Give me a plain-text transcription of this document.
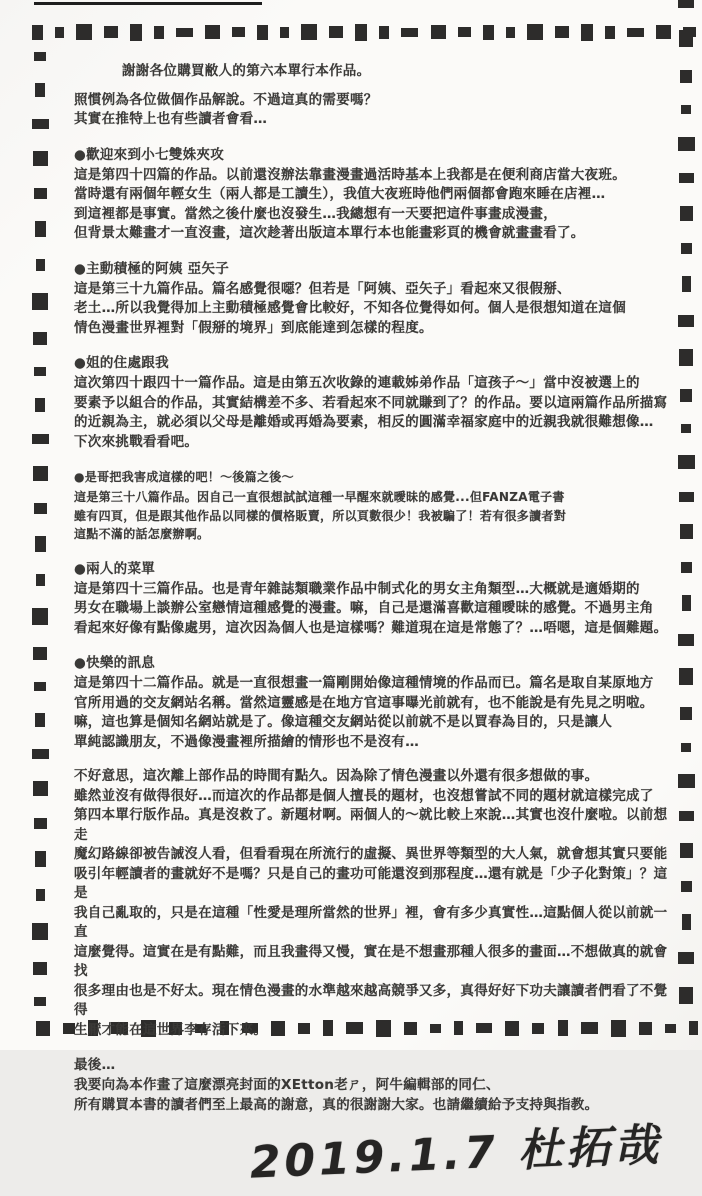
謝謝各位購買敝人的第六本單行本作品。
照慣例為各位做個作品解說。不過這真的需要嗎？
其實在推特上也有些讀者會看…
●歡迎來到小七雙姝夾攻
這是第四十四篇的作品。以前還沒辦法靠畫漫畫過活時基本上我都是在便利商店當大夜班。
當時還有兩個年輕女生（兩人都是工讀生），我值大夜班時他們兩個都會跑來睡在店裡…
到這裡都是事實。當然之後什麼也沒發生…我總想有一天要把這件事畫成漫畫，
但背景太難畫才一直沒畫，這次趁著出版這本單行本也能畫彩頁的機會就畫畫看了。
●主動積極的阿姨 亞矢子
這是第三十九篇作品。篇名感覺很噁？但若是「阿姨、亞矢子」看起來又很假掰、
老土…所以我覺得加上主動積極感覺會比較好，不知各位覺得如何。個人是很想知道在這個
情色漫畫世界裡對「假掰的境界」到底能達到怎樣的程度。
●姐的住處跟我
這次第四十跟四十一篇作品。這是由第五次收錄的連載姊弟作品「這孩子～」當中沒被選上的
要素予以組合的作品，其實結構差不多、若看起來不同就賺到了？的作品。要以這兩篇作品所描寫
的近親為主，就必須以父母是離婚或再婚為要素，相反的圓滿幸福家庭中的近親我就很難想像…
下次來挑戰看看吧。
●是哥把我害成這樣的吧！～後篇之後～
這是第三十八篇作品。因自己一直很想試試這種一早醒來就曖昧的感覺...但FANZA電子書
雖有四頁，但是跟其他作品以同樣的價格販賣，所以頁數很少！我被騙了！若有很多讀者對
這點不滿的話怎麼辦啊。
●兩人的菜單
這是第四十三篇作品。也是青年雜誌類職業作品中制式化的男女主角類型…大概就是適婚期的
男女在職場上談辦公室戀情這種感覺的漫畫。嘛，自己是還滿喜歡這種曖昧的感覺。不過男主角
看起來好像有點像處男，這次因為個人也是這樣嗎？難道現在這是常態了？…唔嗯，這是個難題。
●快樂的訊息
這是第四十二篇作品。就是一直很想畫一篇剛開始像這種情境的作品而已。篇名是取自某原地方
官所用過的交友網站名稱。當然這靈感是在地方官這事曝光前就有，也不能說是有先見之明啦。
嘛，這也算是個知名網站就是了。像這種交友網站從以前就不是以買春為目的，只是讓人
單純認識朋友，不過像漫畫裡所描繪的情形也不是沒有…
不好意思，這次離上部作品的時間有點久。因為除了情色漫畫以外還有很多想做的事。
雖然並沒有做得很好…而這次的作品都是個人擅長的題材，也沒想嘗試不同的題材就這樣完成了
第四本單行版作品。真是沒救了。新題材啊。兩個人的～就比較上來說…其實也沒什麼啦。以前想走
魔幻路線卻被告誡沒人看，但看看現在所流行的虛擬、異世界等類型的大人氣，就會想其實只要能
吸引年輕讀者的畫就好不是嗎？只是自己的畫功可能還沒到那程度…還有就是「少子化對策」？這是
我自己亂取的，只是在這種「性愛是理所當然的世界」裡，會有多少真實性…這點個人從以前就一直
這麼覺得。這實在是有點難，而且我畫得又慢，實在是不想畫那種人很多的畫面…不想做真的就會找
很多理由也是不好太。現在情色漫畫的水準越來越高競爭又多，真得好好下功夫讓讀者們看了不覺得
生厭才能在這世界李存活下來。
最後…
我要向為本作畫了這麼漂亮封面的XEtton老ㄕ，阿牛編輯部的同仁、
所有購買本書的讀者們至上最高的謝意，真的很謝謝大家。也請繼續給予支持與指教。
2019.1.7 杜拓哉
